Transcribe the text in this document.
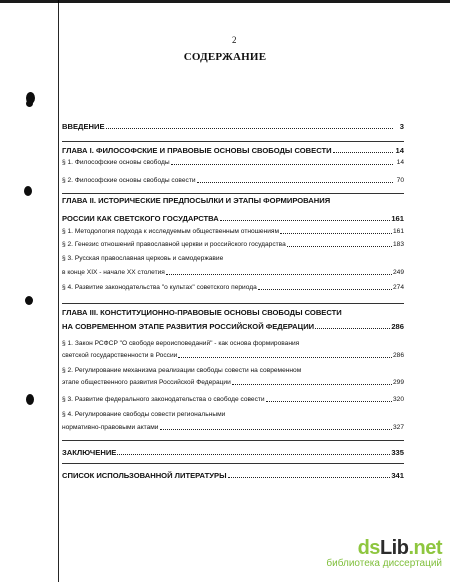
2
СОДЕРЖАНИЕ
ВВЕДЕНИЕ	3
ГЛАВА I. ФИЛОСОФСКИЕ И ПРАВОВЫЕ ОСНОВЫ СВОБОДЫ СОВЕСТИ	14
§ 1. Философские основы свободы	14
§ 2. Философские основы свободы совести	70
ГЛАВА II. ИСТОРИЧЕСКИЕ ПРЕДПОСЫЛКИ И ЭТАПЫ ФОРМИРОВАНИЯ
РОССИИ КАК СВЕТСКОГО ГОСУДАРСТВА	161
§ 1. Методология подхода к исследуемым общественным отношениям	161
§ 2. Генезис отношений православной церкви и российского государства	183
§ 3. Русская православная церковь и самодержавие
в конце XIX - начале XX столетия	249
§ 4. Развитие законодательства "о культах" советского периода	274
ГЛАВА III. КОНСТИТУЦИОННО-ПРАВОВЫЕ ОСНОВЫ СВОБОДЫ СОВЕСТИ
НА СОВРЕМЕННОМ ЭТАПЕ РАЗВИТИЯ РОССИЙСКОЙ ФЕДЕРАЦИИ	286
§ 1. Закон РСФСР "О свободе вероисповеданий" - как основа формирования
светской государственности в России	286
§ 2. Регулирование механизма реализации свободы совести на современном
этапе общественного развития Российской Федерации	299
§ 3. Развитие федерального законодательства о свободе совести	320
§ 4. Регулирование свободы совести региональными
нормативно-правовыми актами	327
ЗАКЛЮЧЕНИЕ	335
СПИСОК ИСПОЛЬЗОВАННОЙ ЛИТЕРАТУРЫ	341
dsLib.net
библиотека диссертаций
